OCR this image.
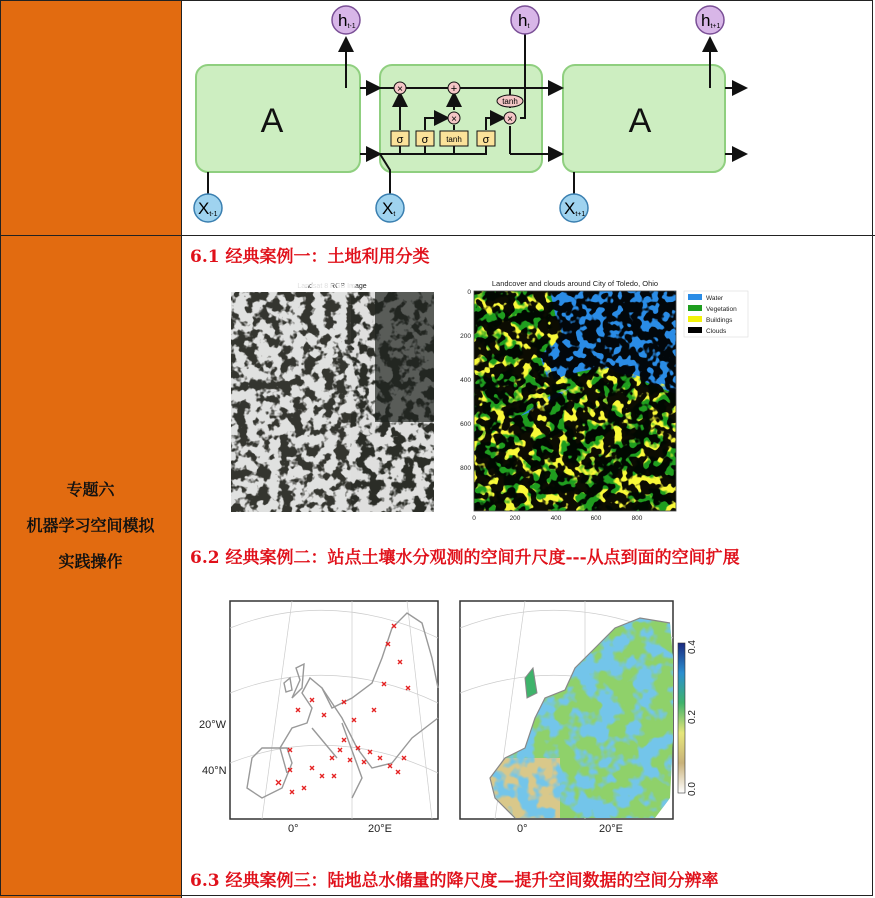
专题六
机器学习空间模拟
实践操作
A	A
σ σ tanh σ
×	+
×	×
tanh
ht-1	ht	ht+1
Xt-1	Xt	Xt+1
6.1 经典案例一：土地利用分类
6.2 经典案例二：站点土壤水分观测的空间升尺度---从点到面的空间扩展
6.3 经典案例三：陆地总水储量的降尺度—提升空间数据的空间分辨率
Landsat 8 RGB Image	Landcover and clouds around City of Toledo, Ohio
0
200
400
600
800
0	200	400	600	800
Water
Vegetation
Buildings
Clouds
20°W
40°N
0°	20°E
0.4
0.2
0.0
0°	20°E
